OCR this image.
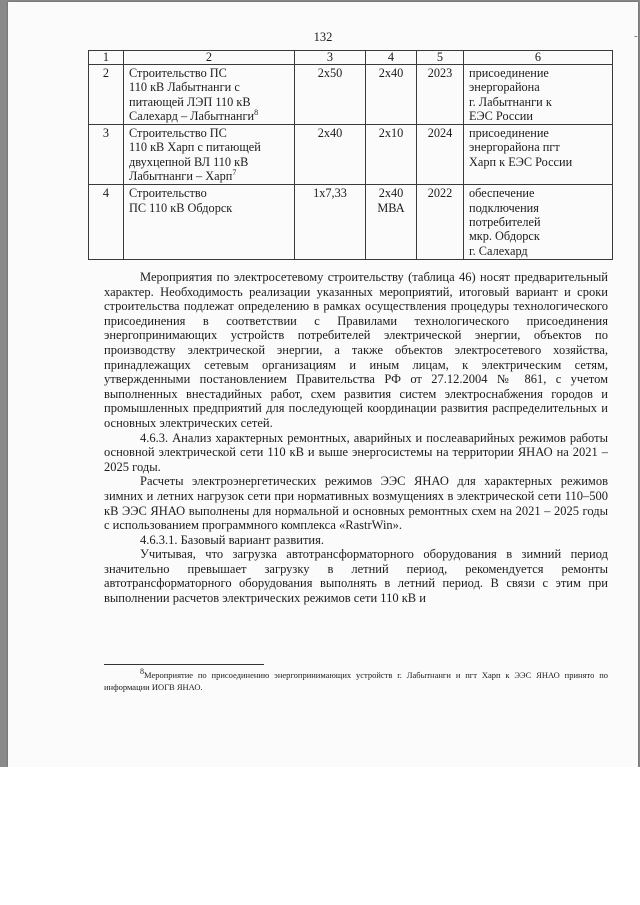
132	-
1	2	3	4	5	6
2	Строительство ПС
110 кВ Лабытнанги с
питающей ЛЭП 110 кВ
Салехард – Лабытнанги$^8$	2х50	2х40	2023	присоединение
энергорайона
г. Лабытнанги к
ЕЭС России

3	Строительство ПС
110 кВ Харп с питающей
двухцепной ВЛ 110 кВ
Лабытнанги – Харп$^7$	2х40	2х10	2024	присоединение
энергорайона пгт
Харп к ЕЭС России

4	Строительство
ПС 110 кВ Обдорск	1х7,33	2х40
МВА	2022	обеспечение
подключения
потребителей
мкр. Обдорск
г. Салехард

Мероприятия по электросетевому строительству (таблица 46) носят предварительный характер. Необходимость реализации указанных мероприятий, итоговый вариант и сроки строительства подлежат определению в рамках осуществления процедуры технологического присоединения в соответствии с Правилами технологического присоединения энергопринимающих устройств потребителей электрической энергии, объектов по производству электрической энергии, а также объектов электросетевого хозяйства, принадлежащих сетевым организациям и иным лицам, к электрическим сетям, утвержденными постановлением Правительства РФ от 27.12.2004 № 861, с учетом выполненных внестадийных работ, схем развития систем электроснабжения городов и промышленных предприятий для последующей координации развития распределительных и основных электрических сетей.

4.6.3. Анализ характерных ремонтных, аварийных и послеаварийных режимов работы основной электрической сети 110 кВ и выше энергосистемы на территории ЯНАО на 2021 – 2025 годы.

Расчеты электроэнергетических режимов ЭЭС ЯНАО для характерных режимов зимних и летних нагрузок сети при нормативных возмущениях в электрической сети 110–500 кВ ЭЭС ЯНАО выполнены для нормальной и основных ремонтных схем на 2021 – 2025 годы с использованием программного комплекса «RastrWin».

4.6.3.1. Базовый вариант развития.

Учитывая, что загрузка автотрансформаторного оборудования в зимний период значительно превышает загрузку в летний период, рекомендуется ремонты автотрансформаторного оборудования выполнять в летний период. В связи с этим при выполнении расчетов электрических режимов сети 110 кВ и

$^8$Мероприятие по присоединению энергопринимающих устройств г. Лабытнанги и пгт Харп к ЭЭС ЯНАО принято по информации ИОГВ ЯНАО.
